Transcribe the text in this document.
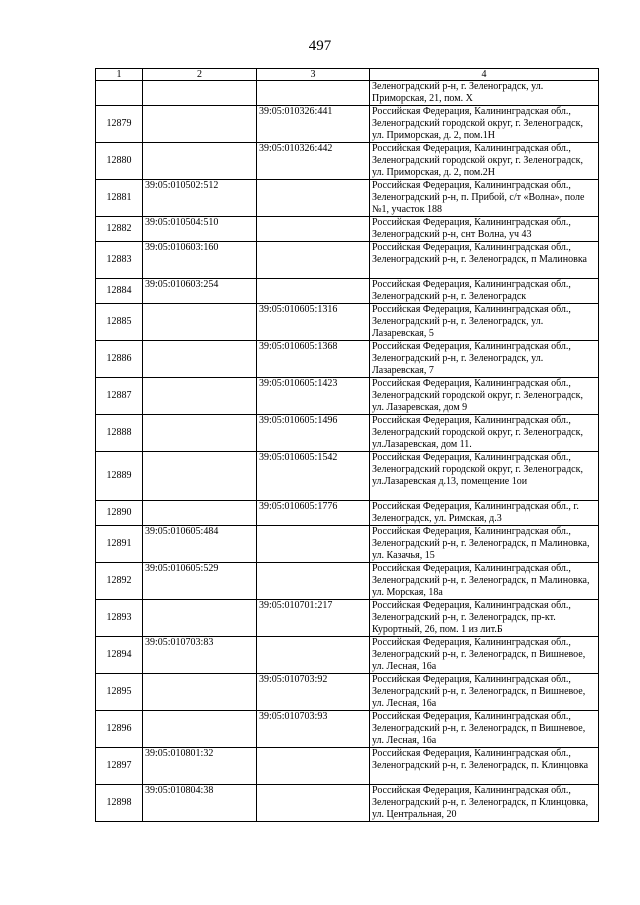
497
1	2	3	4
			Зеленоградский р-н, г. Зеленоградск, ул. Приморская, 21, пом. X
12879		39:05:010326:441	Российская Федерация, Калининградская обл., Зеленоградский городской округ, г. Зеленоградск, ул. Приморская, д. 2, пом.1Н
12880		39:05:010326:442	Российская Федерация, Калининградская обл., Зеленоградский городской округ, г. Зеленоградск, ул. Приморская, д. 2, пом.2Н
12881	39:05:010502:512		Российская Федерация, Калининградская обл., Зеленоградский р-н, п. Прибой, с/т «Волна», поле №1, участок 188
12882	39:05:010504:510		Российская Федерация, Калининградская обл., Зеленоградский р-н, снт Волна, уч 43
12883	39:05:010603:160		Российская Федерация, Калининградская обл., Зеленоградский р-н, г. Зеленоградск, п Малиновка
12884	39:05:010603:254		Российская Федерация, Калининградская обл., Зеленоградский р-н, г. Зеленоградск
12885		39:05:010605:1316	Российская Федерация, Калининградская обл., Зеленоградский р-н, г. Зеленоградск, ул. Лазаревская, 5
12886		39:05:010605:1368	Российская Федерация, Калининградская обл., Зеленоградский р-н, г. Зеленоградск, ул. Лазаревская, 7
12887		39:05:010605:1423	Российская Федерация, Калининградская обл., Зеленоградский городской округ, г. Зеленоградск, ул. Лазаревская, дом 9
12888		39:05:010605:1496	Российская Федерация, Калининградская обл., Зеленоградский городской округ, г. Зеленоградск, ул.Лазаревская, дом 11.
12889		39:05:010605:1542	Российская Федерация, Калининградская обл., Зеленоградский городской округ, г. Зеленоградск, ул.Лазаревская д.13, помещение 1ои
12890		39:05:010605:1776	Российская Федерация, Калининградская обл., г. Зеленоградск, ул. Римская, д.3
12891	39:05:010605:484		Российская Федерация, Калининградская обл., Зеленоградский р-н, г. Зеленоградск, п Малиновка, ул. Казачья, 15
12892	39:05:010605:529		Российская Федерация, Калининградская обл., Зеленоградский р-н, г. Зеленоградск, п Малиновка, ул. Морская, 18а
12893		39:05:010701:217	Российская Федерация, Калининградская обл., Зеленоградский р-н, г. Зеленоградск, пр-кт. Курортный, 26, пом. 1 из лит.Б
12894	39:05:010703:83		Российская Федерация, Калининградская обл., Зеленоградский р-н, г. Зеленоградск, п Вишневое, ул. Лесная, 16а
12895		39:05:010703:92	Российская Федерация, Калининградская обл., Зеленоградский р-н, г. Зеленоградск, п Вишневое, ул. Лесная, 16а
12896		39:05:010703:93	Российская Федерация, Калининградская обл., Зеленоградский р-н, г. Зеленоградск, п Вишневое, ул. Лесная, 16а
12897	39:05:010801:32		Российская Федерация, Калининградская обл., Зеленоградский р-н, г. Зеленоградск, п. Клинцовка
12898	39:05:010804:38		Российская Федерация, Калининградская обл., Зеленоградский р-н, г. Зеленоградск, п Клинцовка, ул. Центральная, 20
